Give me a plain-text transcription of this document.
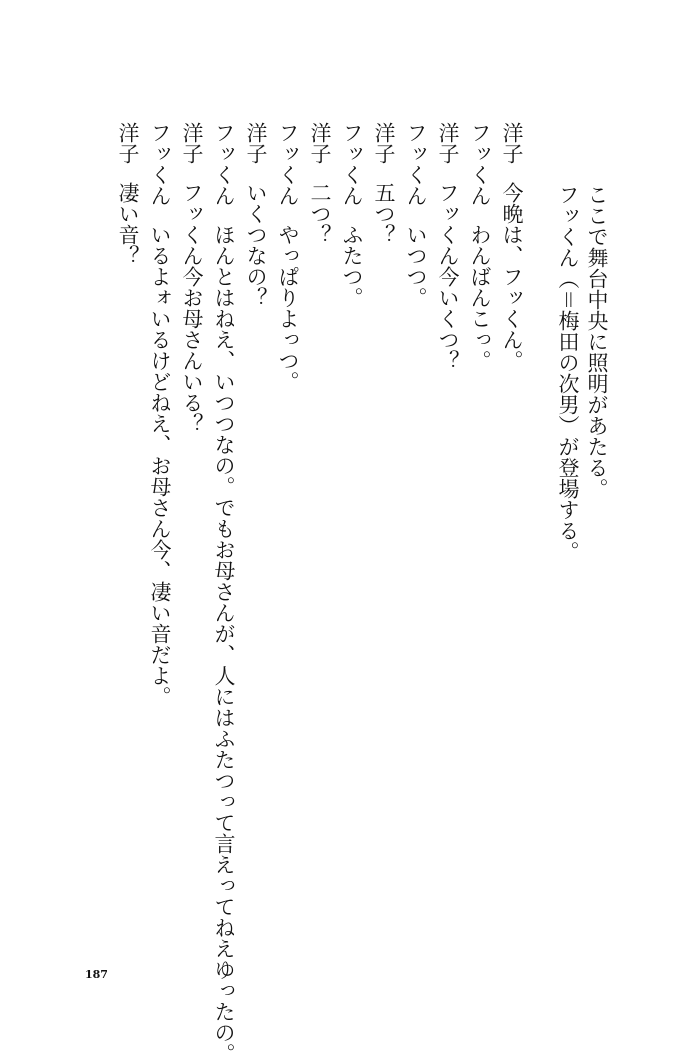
ここで舞台中央に照明があたる。
フッくん（＝梅田の次男）が登場する。
洋子今晩は、フッくん。
フッくんわんばんこっ。
洋子フッくん今いくつ？
フッくんいつつ。
洋子五つ？
フッくんふたつ。
洋子二つ？
フッくんやっぱりよっつ。
洋子いくつなの？
フッくんほんとはねえ、いつつなの。でもお母さんが、人にはふたつって言えってねえゆったの。
洋子フッくん今お母さんいる？
フッくんいるよォいるけどねえ、お母さん今、凄い音だよ。
洋子凄い音？
187
